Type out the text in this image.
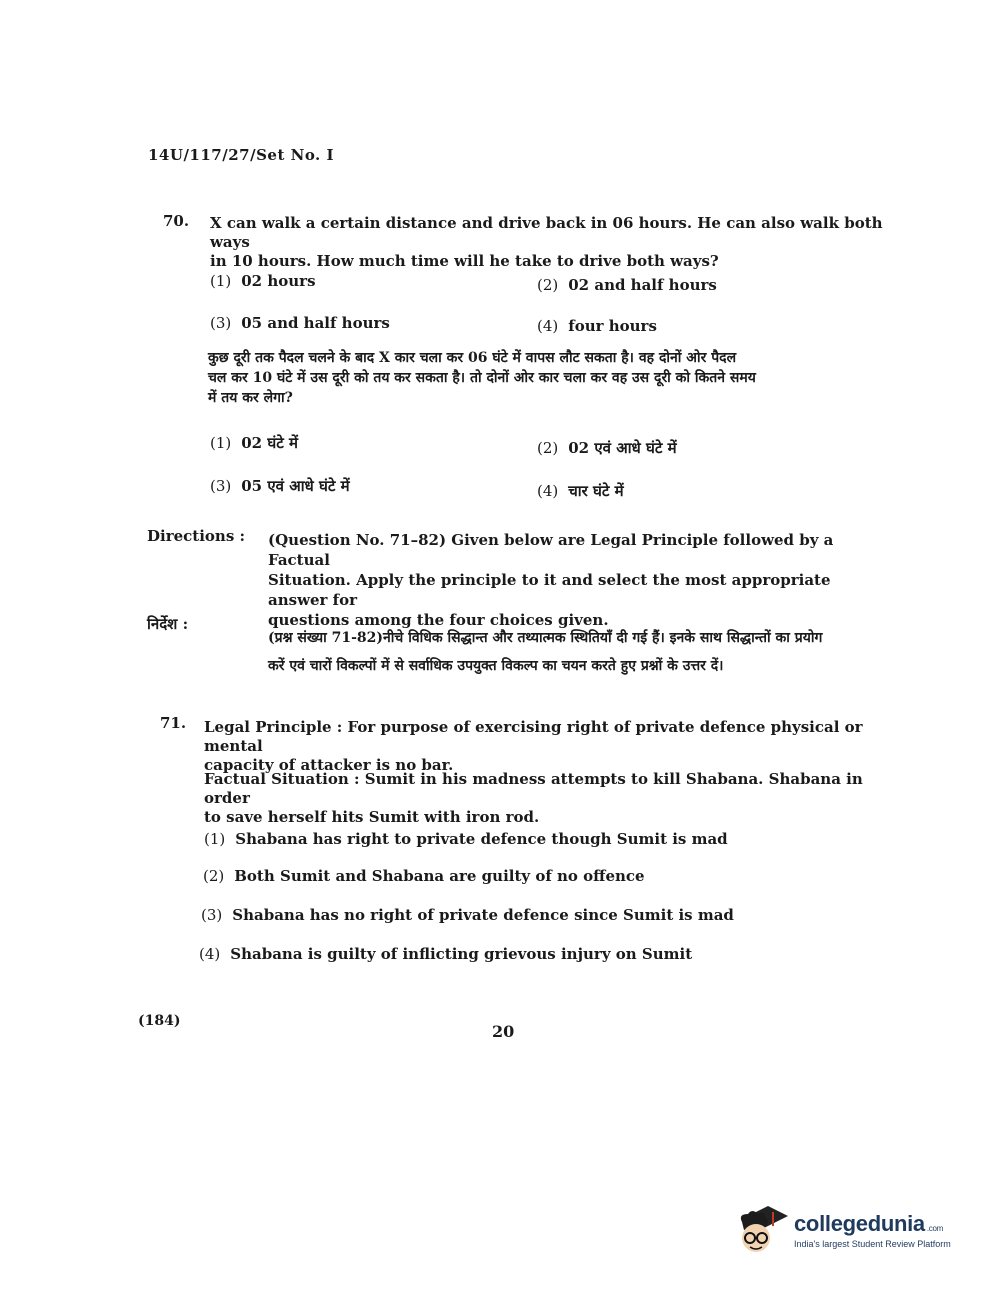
14U/117/27/Set No. I
70. X can walk a certain distance and drive back in 06 hours. He can also walk both ways
in 10 hours. How much time will he take to drive both ways?
(1) 02 hours	(2) 02 and half hours
(3) 05 and half hours	(4) four hours
कुछ दूरी तक पैदल चलने के बाद X कार चला कर 06 घंटे में वापस लौट सकता है। वह दोनों ओर पैदल
चल कर 10 घंटे में उस दूरी को तय कर सकता है। तो दोनों ओर कार चला कर वह उस दूरी को कितने समय
में तय कर लेगा?
(1) 02 घंटे में	(2) 02 एवं आधे घंटे में
(3) 05 एवं आधे घंटे में	(4) चार घंटे में
Directions : (Question No. 71–82) Given below are Legal Principle followed by a Factual
Situation. Apply the principle to it and select the most appropriate answer for
questions among the four choices given.
निर्देश :
(प्रश्न संख्या 71-82)नीचे विधिक सिद्धान्त और तथ्यात्मक स्थितियाँ दी गई हैं। इनके साथ सिद्धान्तों का प्रयोग
करें एवं चारों विकल्पों में से सर्वाधिक उपयुक्त विकल्प का चयन करते हुए प्रश्नों के उत्तर दें।
71. Legal Principle : For purpose of exercising right of private defence physical or mental
capacity of attacker is no bar.
Factual Situation : Sumit in his madness attempts to kill Shabana. Shabana in order
to save herself hits Sumit with iron rod.
(1) Shabana has right to private defence though Sumit is mad
(2) Both Sumit and Shabana are guilty of no offence
(3) Shabana has no right of private defence since Sumit is mad
(4) Shabana is guilty of inflicting grievous injury on Sumit
(184)
20
collegedunia .com
India's largest Student Review Platform
